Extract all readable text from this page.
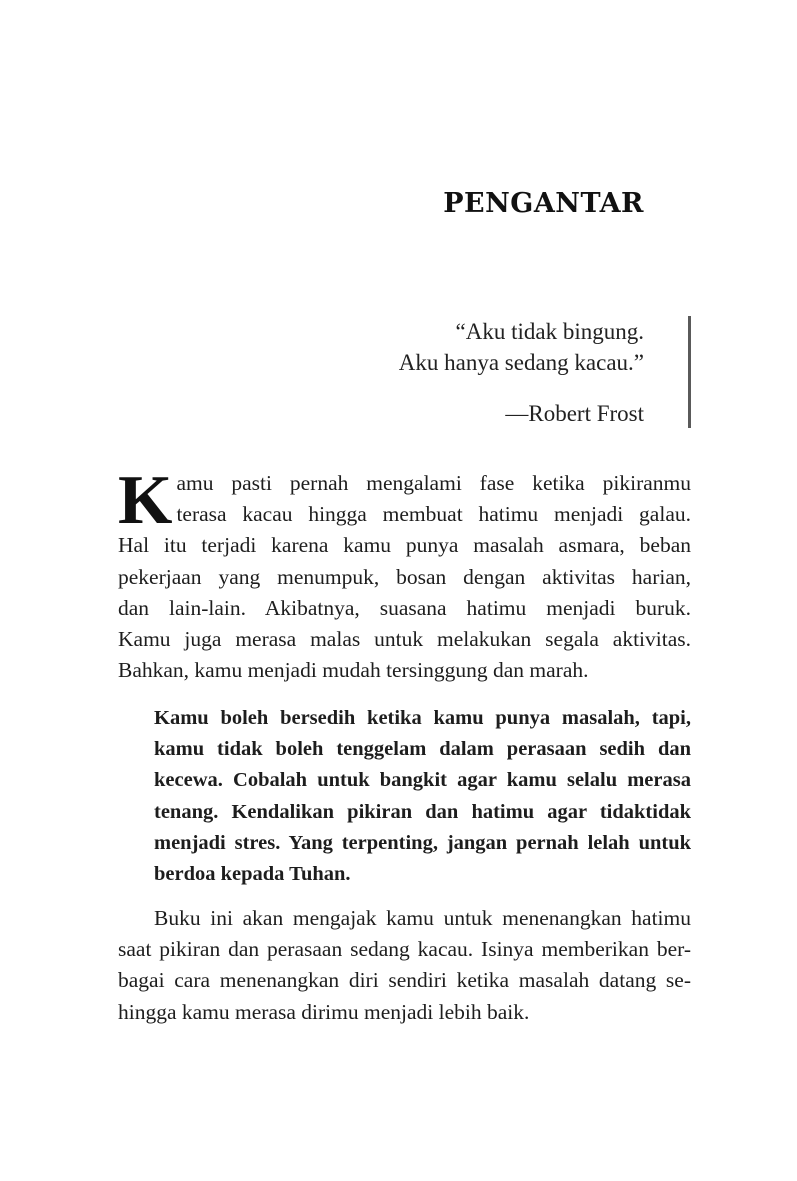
PENGANTAR
“Aku tidak bingung.
Aku hanya sedang kacau.”
—Robert Frost
K amu pasti pernah mengalami fase ketika pikiranmu
terasa kacau hingga membuat hatimu menjadi galau.
Hal itu terjadi karena kamu punya masalah asmara, beban
pekerjaan yang menumpuk, bosan dengan aktivitas harian,
dan lain-lain. Akibatnya, suasana hatimu menjadi buruk.
Kamu juga merasa malas untuk melakukan segala aktivitas.
Bahkan, kamu menjadi mudah tersinggung dan marah.
Kamu boleh bersedih ketika kamu punya masalah, tapi,
kamu tidak boleh tenggelam dalam perasaan sedih dan
kecewa. Cobalah untuk bangkit agar kamu selalu merasa
tenang. Kendalikan pikiran dan hatimu agar tidaktidak
menjadi stres. Yang terpenting, jangan pernah lelah untuk
berdoa kepada Tuhan.
Buku ini akan mengajak kamu untuk menenangkan hatimu
saat pikiran dan perasaan sedang kacau. Isinya memberikan ber-
bagai cara menenangkan diri sendiri ketika masalah datang se-
hingga kamu merasa dirimu menjadi lebih baik.
